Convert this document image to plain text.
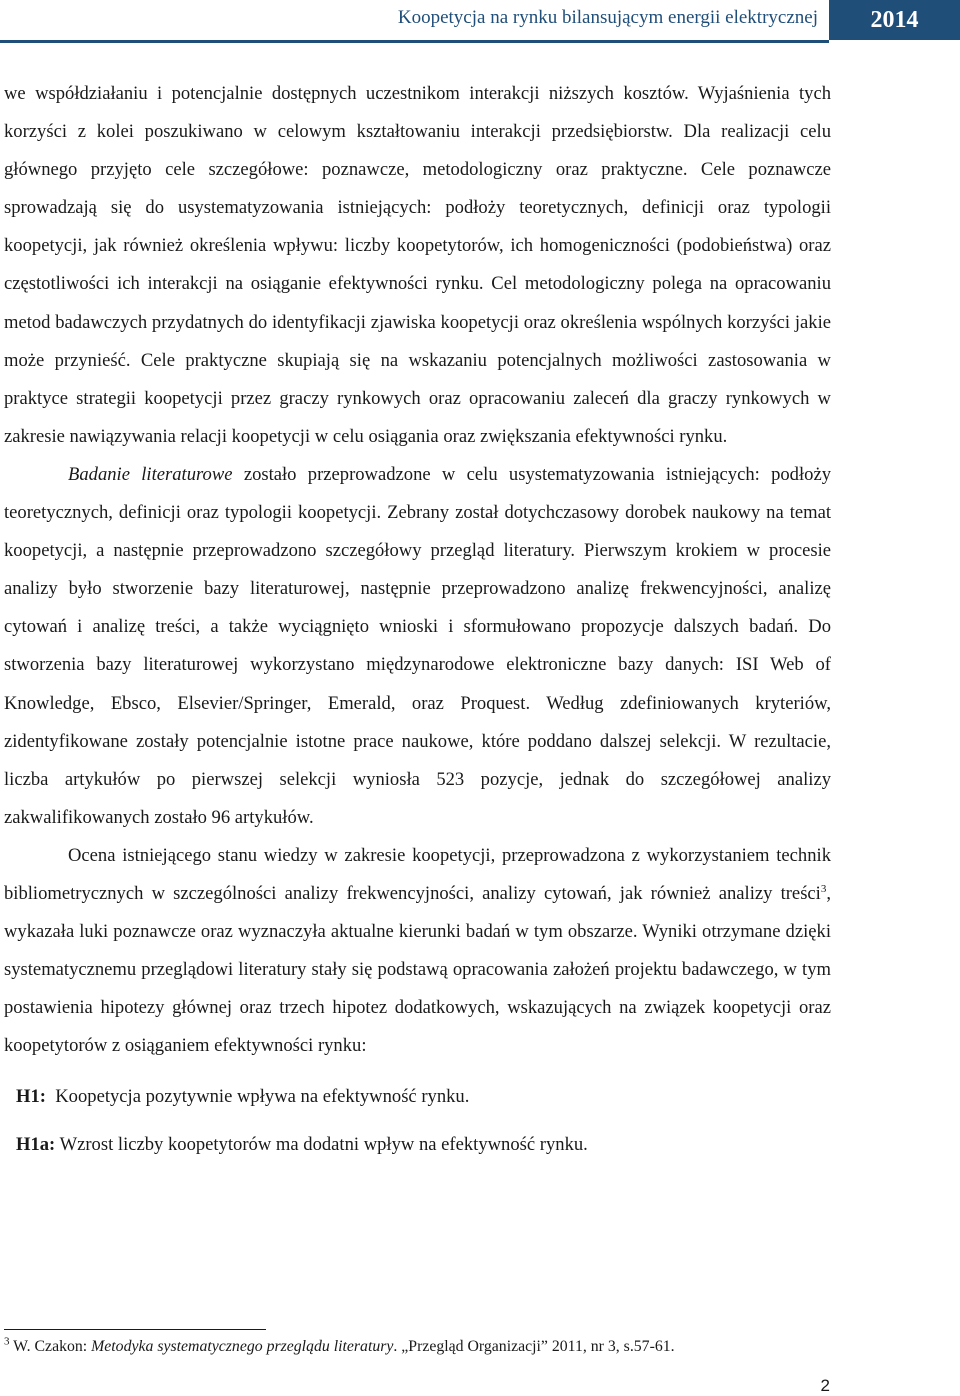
Koopetycja na rynku bilansującym energii elektrycznej	2014

we współdziałaniu i potencjalnie dostępnych uczestnikom interakcji niższych kosztów. Wyjaśnienia tych korzyści z kolei poszukiwano w celowym kształtowaniu interakcji przedsiębiorstw. Dla realizacji celu głównego przyjęto cele szczegółowe: poznawcze, metodologiczny oraz praktyczne. Cele poznawcze sprowadzają się do usystematyzowania istniejących: podłoży teoretycznych, definicji oraz typologii koopetycji, jak również określenia wpływu: liczby koopetytorów, ich homogeniczności (podobieństwa) oraz częstotliwości ich interakcji na osiąganie efektywności rynku. Cel metodologiczny polega na opracowaniu metod badawczych przydatnych do identyfikacji zjawiska koopetycji oraz określenia wspólnych korzyści jakie może przynieść. Cele praktyczne skupiają się na wskazaniu potencjalnych możliwości zastosowania w praktyce strategii koopetycji przez graczy rynkowych oraz opracowaniu zaleceń dla graczy rynkowych w zakresie nawiązywania relacji koopetycji w celu osiągania oraz zwiększania efektywności rynku.

Badanie literaturowe zostało przeprowadzone w celu usystematyzowania istniejących: podłoży teoretycznych, definicji oraz typologii koopetycji. Zebrany został dotychczasowy dorobek naukowy na temat koopetycji, a następnie przeprowadzono szczegółowy przegląd literatury. Pierwszym krokiem w procesie analizy było stworzenie bazy literaturowej, następnie przeprowadzono analizę frekwencyjności, analizę cytowań i analizę treści, a także wyciągnięto wnioski i sformułowano propozycje dalszych badań. Do stworzenia bazy literaturowej wykorzystano międzynarodowe elektroniczne bazy danych: ISI Web of Knowledge, Ebsco, Elsevier/Springer, Emerald, oraz Proquest. Według zdefiniowanych kryteriów, zidentyfikowane zostały potencjalnie istotne prace naukowe, które poddano dalszej selekcji. W rezultacie, liczba artykułów po pierwszej selekcji wyniosła 523 pozycje, jednak do szczegółowej analizy zakwalifikowanych zostało 96 artykułów.

Ocena istniejącego stanu wiedzy w zakresie koopetycji, przeprowadzona z wykorzystaniem technik bibliometrycznych w szczególności analizy frekwencyjności, analizy cytowań, jak również analizy treści$^3$, wykazała luki poznawcze oraz wyznaczyła aktualne kierunki badań w tym obszarze. Wyniki otrzymane dzięki systematycznemu przeglądowi literatury stały się podstawą opracowania założeń projektu badawczego, w tym postawienia hipotezy głównej oraz trzech hipotez dodatkowych, wskazujących na związek koopetycji oraz koopetytorów z osiąganiem efektywności rynku:

H1: Koopetycja pozytywnie wpływa na efektywność rynku.

H1a: Wzrost liczby koopetytorów ma dodatni wpływ na efektywność rynku.

$^3$ W. Czakon: Metodyka systematycznego przeglądu literatury. „Przegląd Organizacji” 2011, nr 3, s.57-61.
2
